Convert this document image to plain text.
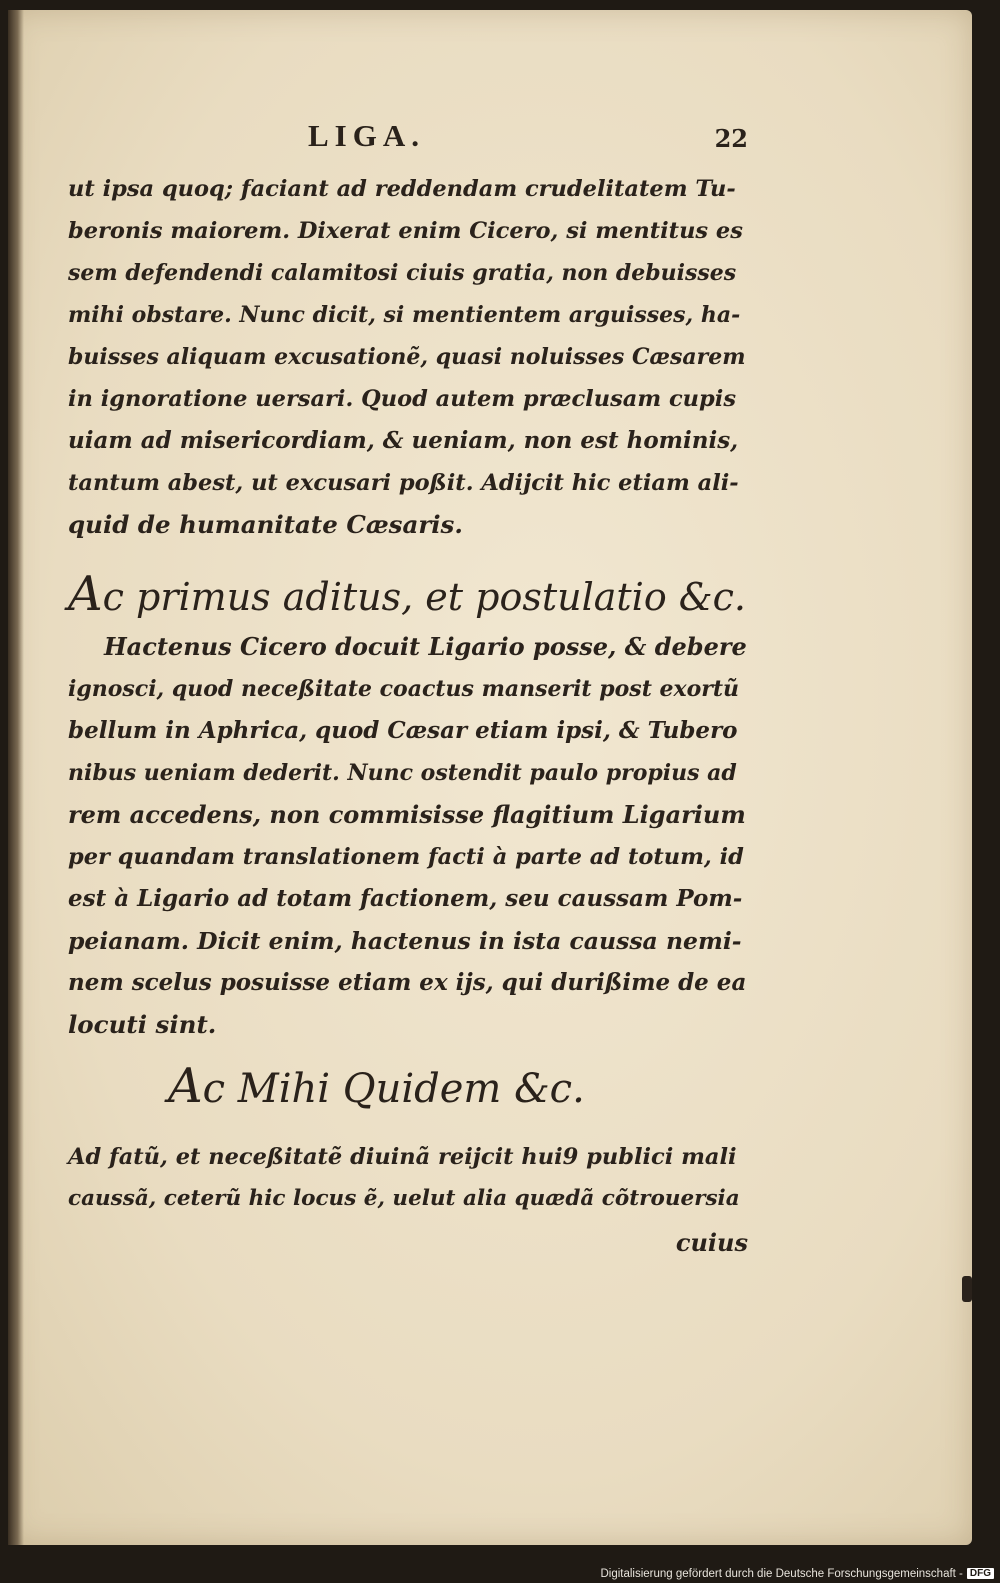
LIGA.	22
ut ipsa quoq; faciant ad reddendam crudelitatem Tu-
beronis maiorem. Dixerat enim Cicero, si mentitus es
sem defendendi calamitosi ciuis gratia, non debuisses
mihi obstare. Nunc dicit, si mentientem arguisses, ha-
buisses aliquam excusationẽ, quasi noluisses Cæsarem
in ignoratione uersari. Quod autem præclusam cupis
uiam ad misericordiam, & ueniam, non est hominis,
tantum abest, ut excusari poßit. Adijcit hic etiam ali-
quid de humanitate Cæsaris.
Ac primus aditus, et postulatio &c.
Hactenus Cicero docuit Ligario posse, & debere
ignosci, quod neceßitate coactus manserit post exortũ
bellum in Aphrica, quod Cæsar etiam ipsi, & Tubero
nibus ueniam dederit. Nunc ostendit paulo propius ad
rem accedens, non commisisse flagitium Ligarium
per quandam translationem facti à parte ad totum, id
est à Ligario ad totam factionem, seu caussam Pom-
peianam. Dicit enim, hactenus in ista caussa nemi-
nem scelus posuisse etiam ex ijs, qui durißime de ea
locuti sint.
Ac Mihi Quidem &c.
Ad fatũ, et neceßitatẽ diuinã reijcit hui9 publici mali
caussã, ceterũ hic locus ẽ, uelut alia quædã cõtrouersia
cuius
Digitalisierung gefördert durch die Deutsche Forschungsgemeinschaft - DFG
